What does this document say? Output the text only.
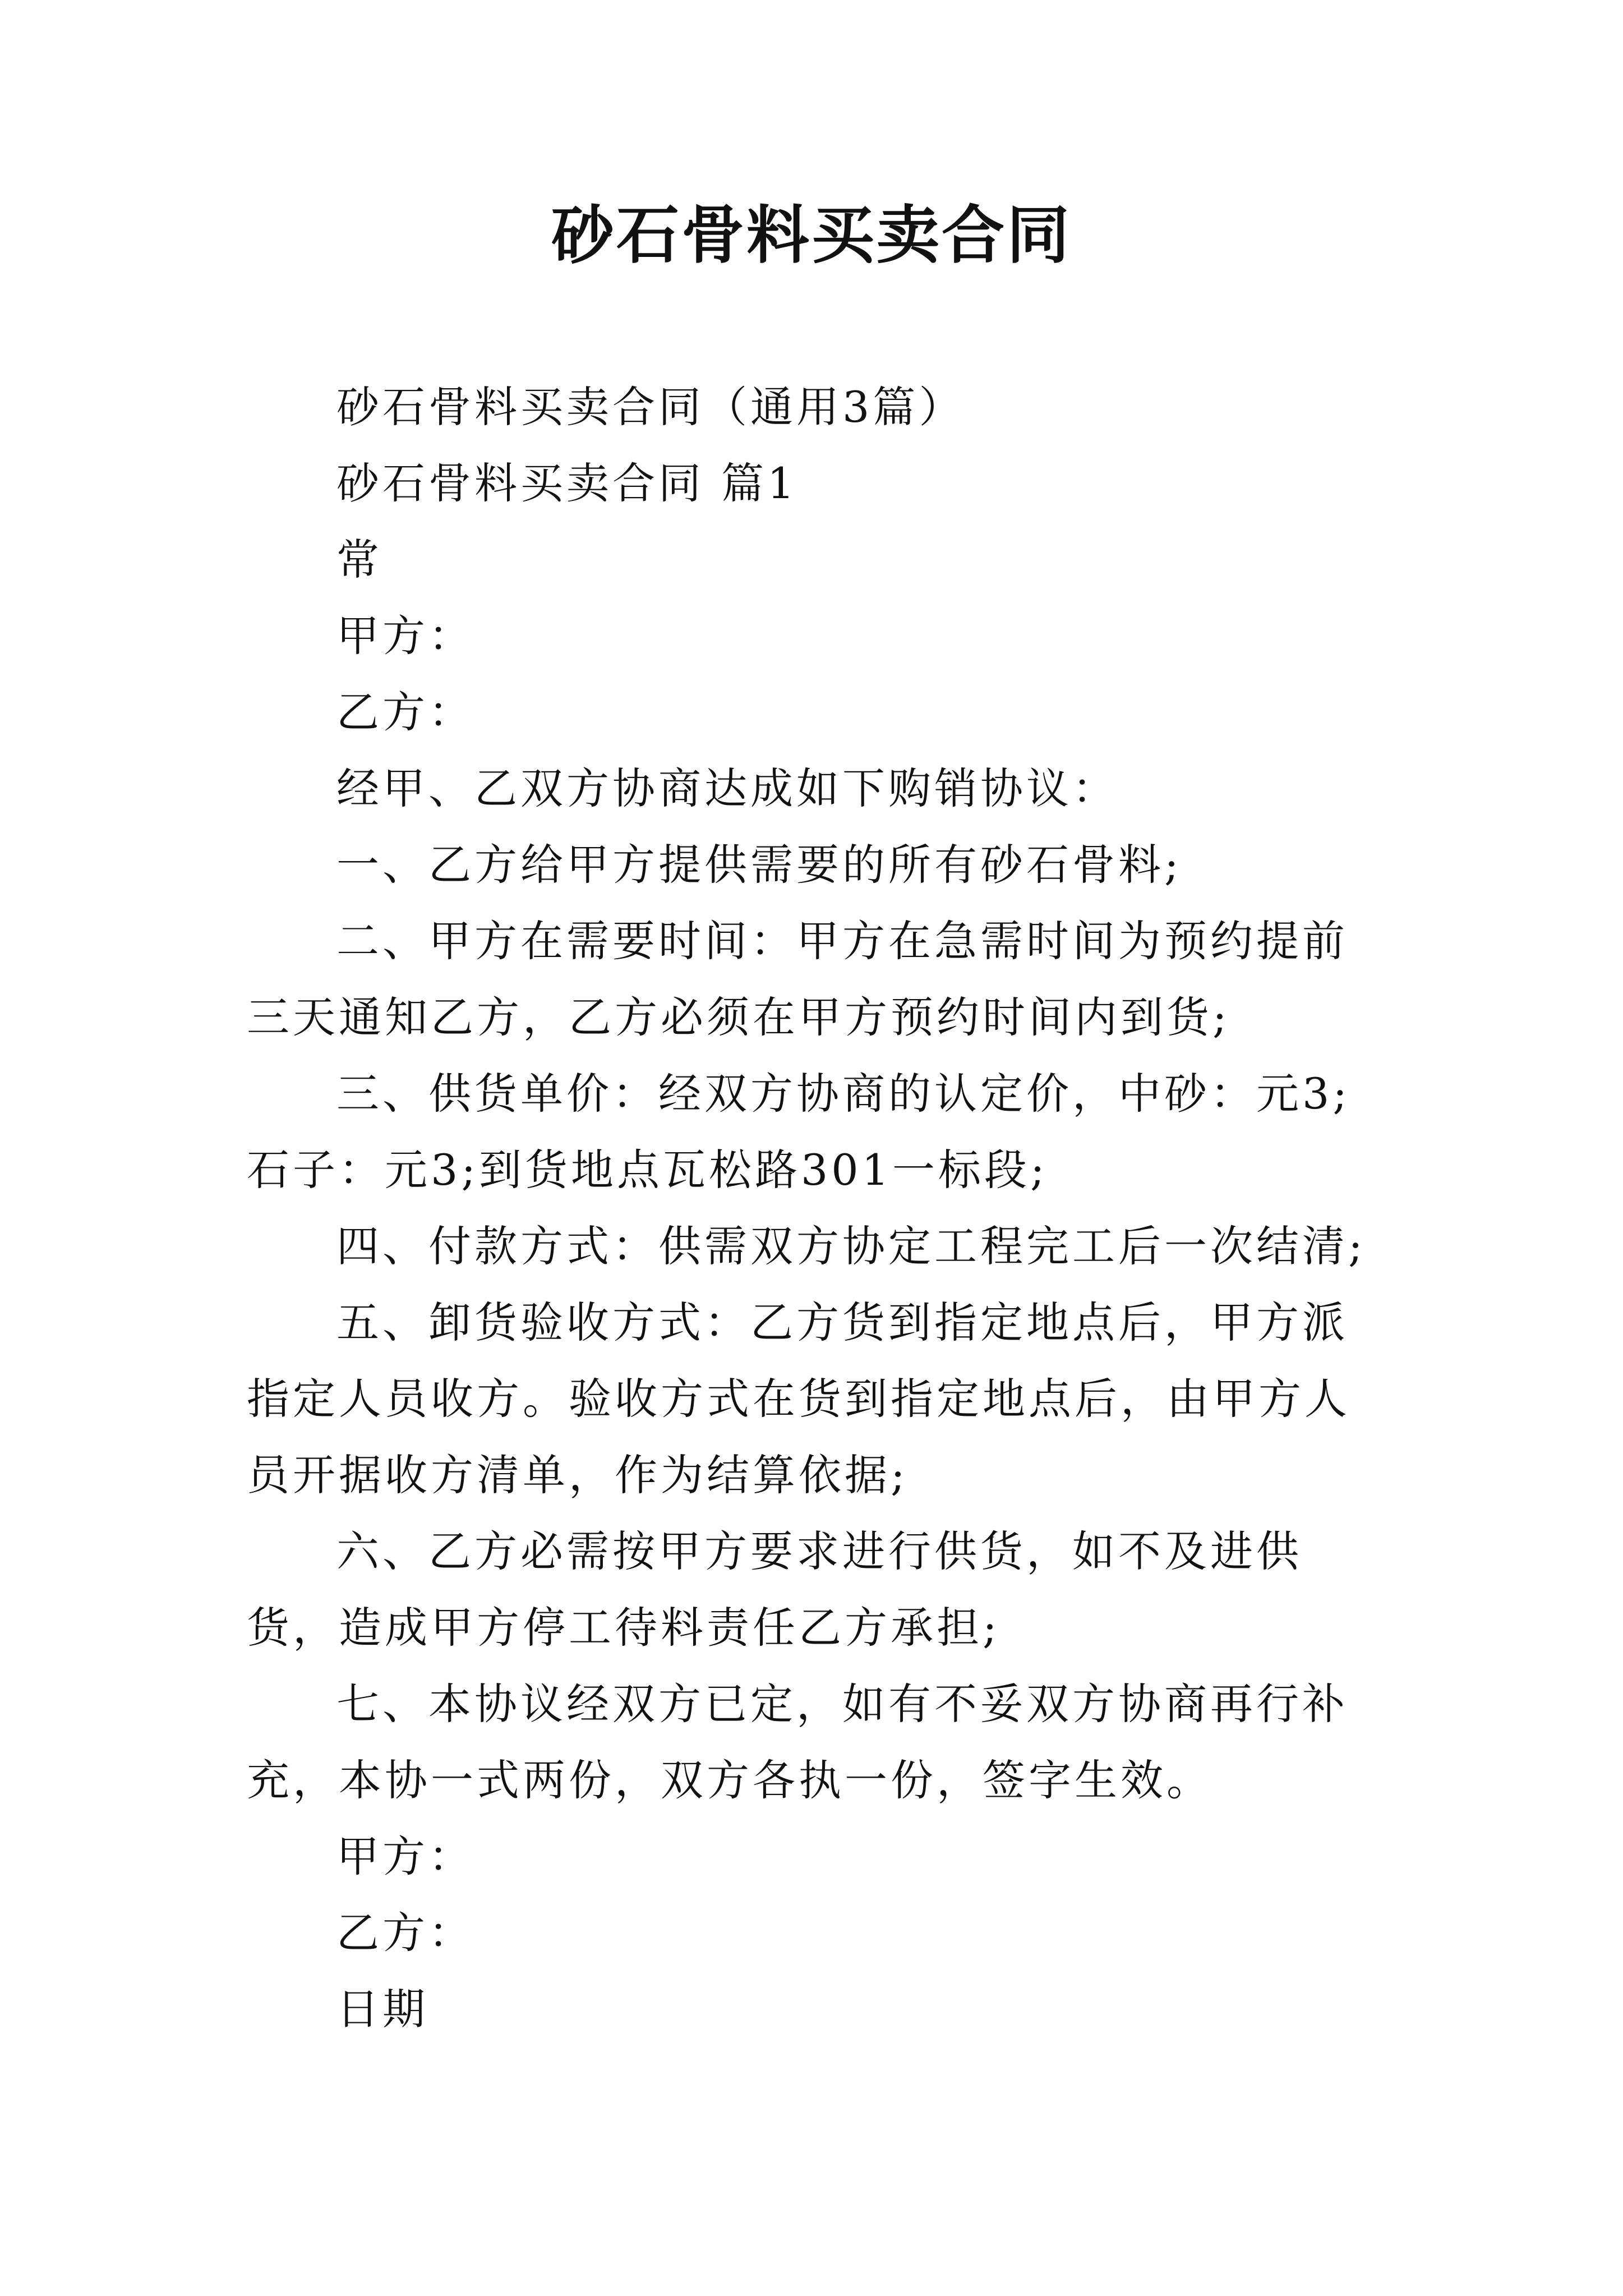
砂石骨料买卖合同

砂石骨料买卖合同（通用3篇）

砂石骨料买卖合同 篇1

常

甲方：

乙方：

经甲、乙双方协商达成如下购销协议：

一、乙方给甲方提供需要的所有砂石骨料;

二、甲方在需要时间：甲方在急需时间为预约提前三天通知乙方，乙方必须在甲方预约时间内到货;

三、供货单价：经双方协商的认定价，中砂：元3;石子：元3;到货地点瓦松路301一标段;

四、付款方式：供需双方协定工程完工后一次结清;

五、卸货验收方式：乙方货到指定地点后，甲方派指定人员收方。验收方式在货到指定地点后，由甲方人员开据收方清单，作为结算依据;

六、乙方必需按甲方要求进行供货，如不及进供货，造成甲方停工待料责任乙方承担;

七、本协议经双方已定，如有不妥双方协商再行补充，本协一式两份，双方各执一份，签字生效。

甲方：

乙方：

日期
